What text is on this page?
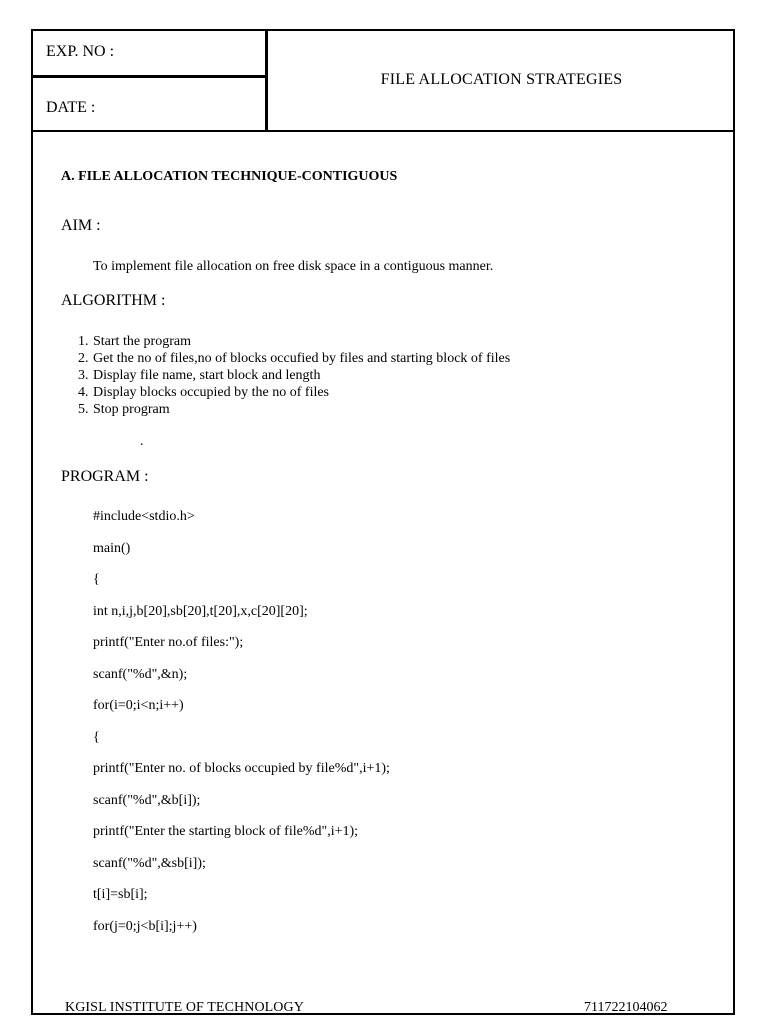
EXP. NO :
DATE :
FILE ALLOCATION STRATEGIES
A. FILE ALLOCATION TECHNIQUE-CONTIGUOUS
AIM :
To implement file allocation on free disk space in a contiguous manner.
ALGORITHM :
1. Start the program
2. Get the no of files,no of blocks occufied by files and starting block of files
3. Display file name, start block and length
4. Display blocks occupied by the no of files
5. Stop program
.
PROGRAM :
#include<stdio.h>
main()
{
int n,i,j,b[20],sb[20],t[20],x,c[20][20];
printf("Enter no.of files:");
scanf("%d",&n);
for(i=0;i<n;i++)
{
printf("Enter no. of blocks occupied by file%d",i+1);
scanf("%d",&b[i]);
printf("Enter the starting block of file%d",i+1);
scanf("%d",&sb[i]);
t[i]=sb[i];
for(j=0;j<b[i];j++)
KGISL INSTITUTE OF TECHNOLOGY	711722104062
